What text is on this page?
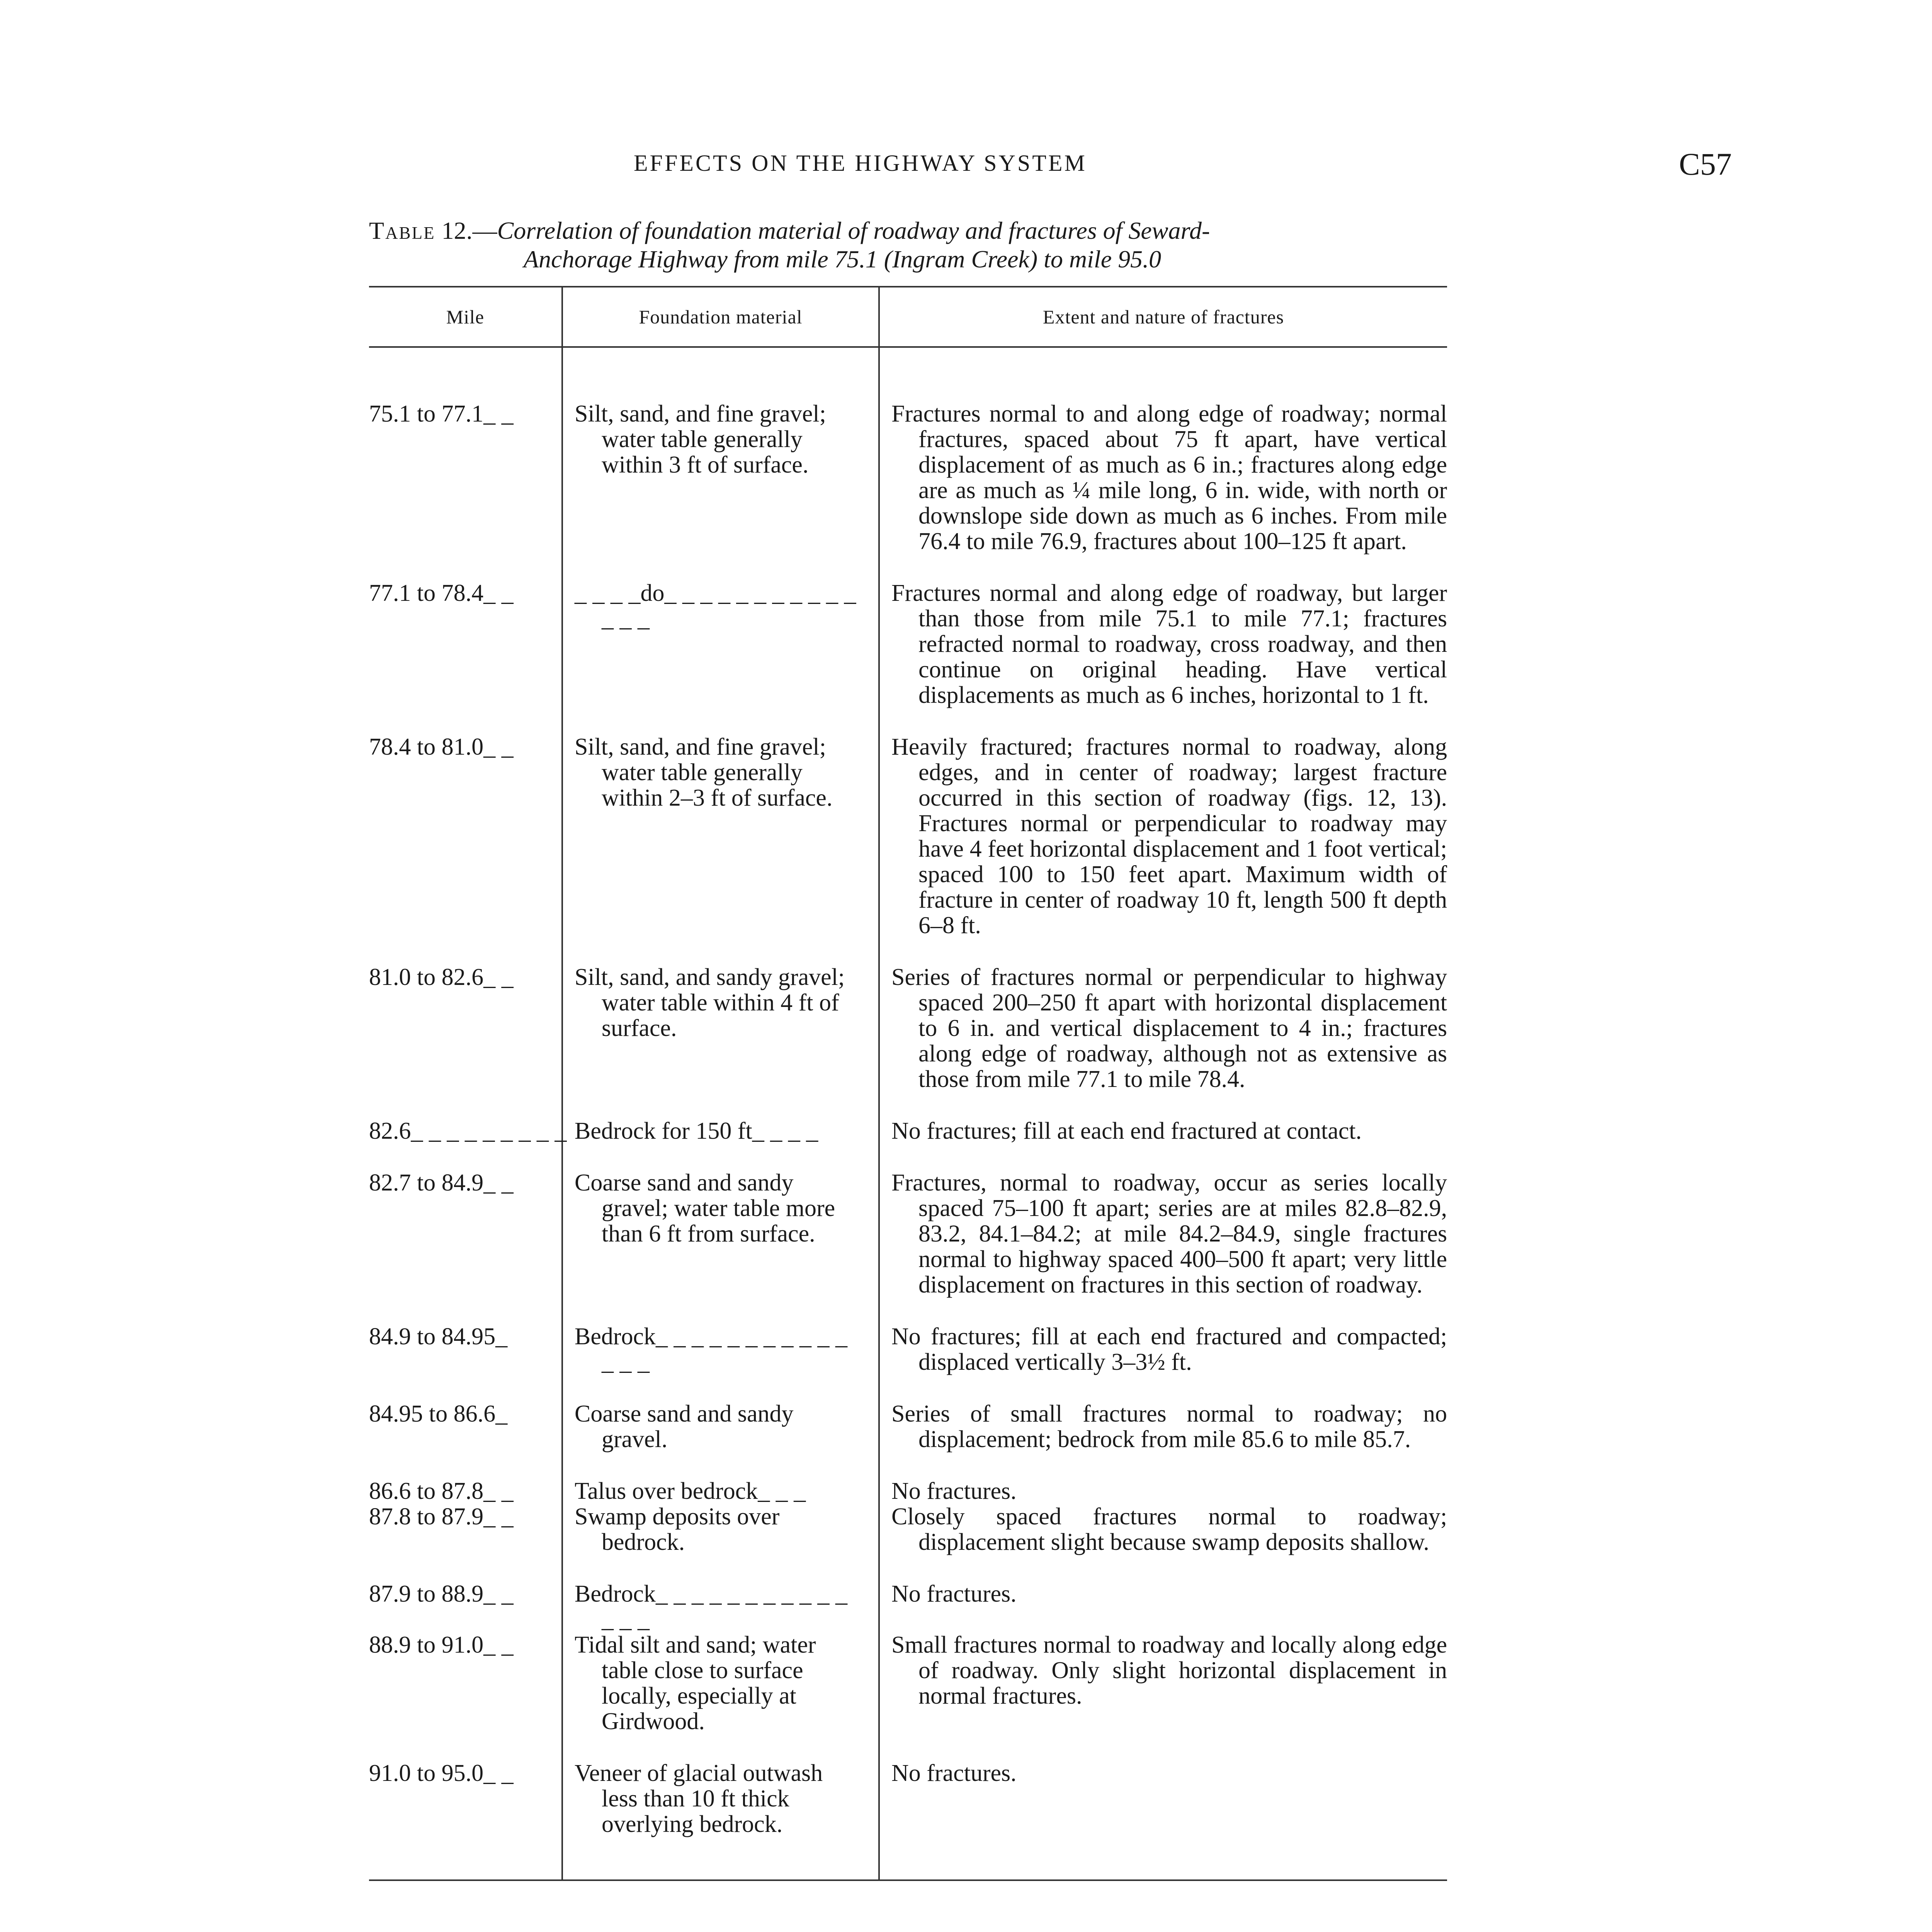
EFFECTS ON THE HIGHWAY SYSTEM	C57
Table 12.—Correlation of foundation material of roadway and fractures of Seward-
Anchorage Highway from mile 75.1 (Ingram Creek) to mile 95.0
Mile	Foundation material	Extent and nature of fractures

75.1 to 77.1_ _	Silt, sand, and fine gravel; water table generally within 3 ft of surface.	Fractures normal to and along edge of roadway; normal fractures, spaced about 75 ft apart, have vertical displacement of as much as 6 in.; fractures along edge are as much as ¼ mile long, 6 in. wide, with north or downslope side down as much as 6 inches. From mile 76.4 to mile 76.9, fractures about 100–125 ft apart.
77.1 to 78.4_ _	_ _ _ _do_ _ _ _ _ _ _ _ _ _ _ _ _ _	Fractures normal and along edge of roadway, but larger than those from mile 75.1 to mile 77.1; fractures refracted normal to roadway, cross roadway, and then continue on original heading. Have vertical displacements as much as 6 inches, horizontal to 1 ft.
78.4 to 81.0_ _	Silt, sand, and fine gravel; water table generally within 2–3 ft of surface.	Heavily fractured; fractures normal to roadway, along edges, and in center of roadway; largest fracture occurred in this section of roadway (figs. 12, 13). Fractures normal or perpendicular to roadway may have 4 feet horizontal displacement and 1 foot vertical; spaced 100 to 150 feet apart. Maximum width of fracture in center of roadway 10 ft, length 500 ft depth 6–8 ft.
81.0 to 82.6_ _	Silt, sand, and sandy gravel; water table within 4 ft of surface.	Series of fractures normal or perpendicular to highway spaced 200–250 ft apart with horizontal displacement to 6 in. and vertical displacement to 4 in.; fractures along edge of roadway, although not as extensive as those from mile 77.1 to mile 78.4.
82.6_ _ _ _ _ _ _ _ _	Bedrock for 150 ft_ _ _ _	No fractures; fill at each end fractured at contact.
82.7 to 84.9_ _	Coarse sand and sandy gravel; water table more than 6 ft from surface.	Fractures, normal to roadway, occur as series locally spaced 75–100 ft apart; series are at miles 82.8–82.9, 83.2, 84.1–84.2; at mile 84.2–84.9, single fractures normal to highway spaced 400–500 ft apart; very little displacement on fractures in this section of roadway.
84.9 to 84.95_	Bedrock_ _ _ _ _ _ _ _ _ _ _ _ _ _	No fractures; fill at each end fractured and compacted; displaced vertically 3–3½ ft.
84.95 to 86.6_	Coarse sand and sandy gravel.	Series of small fractures normal to roadway; no displacement; bedrock from mile 85.6 to mile 85.7.
86.6 to 87.8_ _	Talus over bedrock_ _ _	No fractures.
87.8 to 87.9_ _	Swamp deposits over bedrock.	Closely spaced fractures normal to roadway; displacement slight because swamp deposits shallow.
87.9 to 88.9_ _	Bedrock_ _ _ _ _ _ _ _ _ _ _ _ _ _	No fractures.
88.9 to 91.0_ _	Tidal silt and sand; water table close to surface locally, especially at Girdwood.	Small fractures normal to roadway and locally along edge of roadway. Only slight horizontal displacement in normal fractures.
91.0 to 95.0_ _	Veneer of glacial outwash less than 10 ft thick overlying bedrock.	No fractures.
